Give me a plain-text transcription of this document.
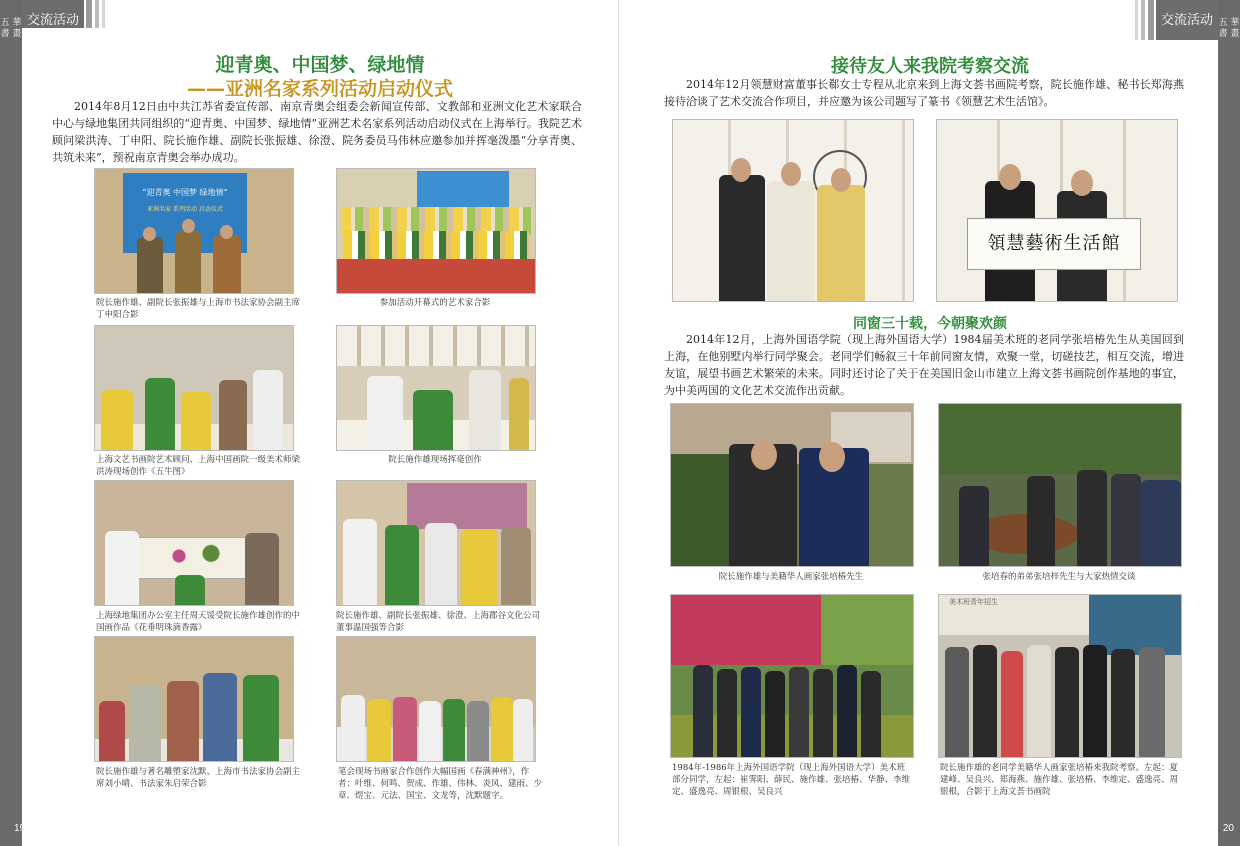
五 華 書 畫
交流活动
迎青奥、中国梦、绿地情
——亚洲名家系列活动启动仪式

2014年8月12日由中共江苏省委宣传部、南京青奥会组委会新闻宣传部、文教部和亚洲文化艺术家联合中心与绿地集团共同组织的“迎青奥、中国梦、绿地情”亚洲艺术名家系列活动启动仪式在上海举行。我院艺术顾问梁洪涛、丁申阳、院长施作雄、副院长张振雄、徐澄、院务委员马伟林应邀参加并挥毫泼墨“分享青奥、共筑未来”，预祝南京青奥会举办成功。

“迎青奥 中国梦 绿地情”
亚洲名家 系列活动 启动仪式
院长施作雄、副院长张振雄与上海市书法家协会副主席丁申阳合影
参加活动开幕式的艺术家合影
上海文艺书画院艺术顾问、上海中国画院一级美术师梁洪涛现场创作《五牛图》
院长施作雄现场挥毫创作
上海绿地集团办公室主任周天馁受院长施作雄创作的中国画作品《花垂明珠滴香露》
院长施作雄、副院长张振雄、徐澄、上海郡谷文化公司董事温国强等合影
院长施作雄与著名雕塑家沈默、上海市书法家协会副主席刘小晴、书法家朱启荣合影
笔会现场书画家合作创作大幅国画《春满神州》，作者：叶维、何鸣、贺成、作雄、伟林、炎风、建雨、少章、煜宝、元法、国宝、文龙等，沈默题字。
19
五 華 書 畫
交流活动
接待友人来我院考察交流

2014年12月领慧财富董事长郗女士专程从北京来到上海文荟书画院考察，院长施作雄、秘书长郑海燕接待洽谈了艺术交流合作项目，并应邀为该公司题写了篆书《领慧艺术生活馆》。

領慧藝術生活館
同窗三十载，今朝聚欢颜

2014年12月，上海外国语学院（现上海外国语大学）1984届美术班的老同学张培椿先生从美国回到上海，在他别墅内举行同学聚会。老同学们畅叙三十年前同窗友情，欢聚一堂，切磋技艺，相互交流，增进友谊，展望书画艺术繁荣的未来。同时还讨论了关于在美国旧金山市建立上海文荟书画院创作基地的事宜，为中美两国的文化艺术交流作出贡献。

院长施作雄与美籍华人画家张培椿先生	张培春的弟弟张培梓先生与大家热情交谈
1984年-1986年上海外国语学院（现上海外国语大学）美术班部分同学，左起：崔霁阳、薛民、施作雄、张培椿、华静、李维定、盛逸亮、周银根、吴良兴
美术班青年招生
院长施作雄的老同学美籍华人画家张培椿来我院考察。左起：夏建峰、吴良兴、郑海燕、施作雄、张培椿、李维定、盛逸亮、周银根，合影于上海文荟书画院
20
